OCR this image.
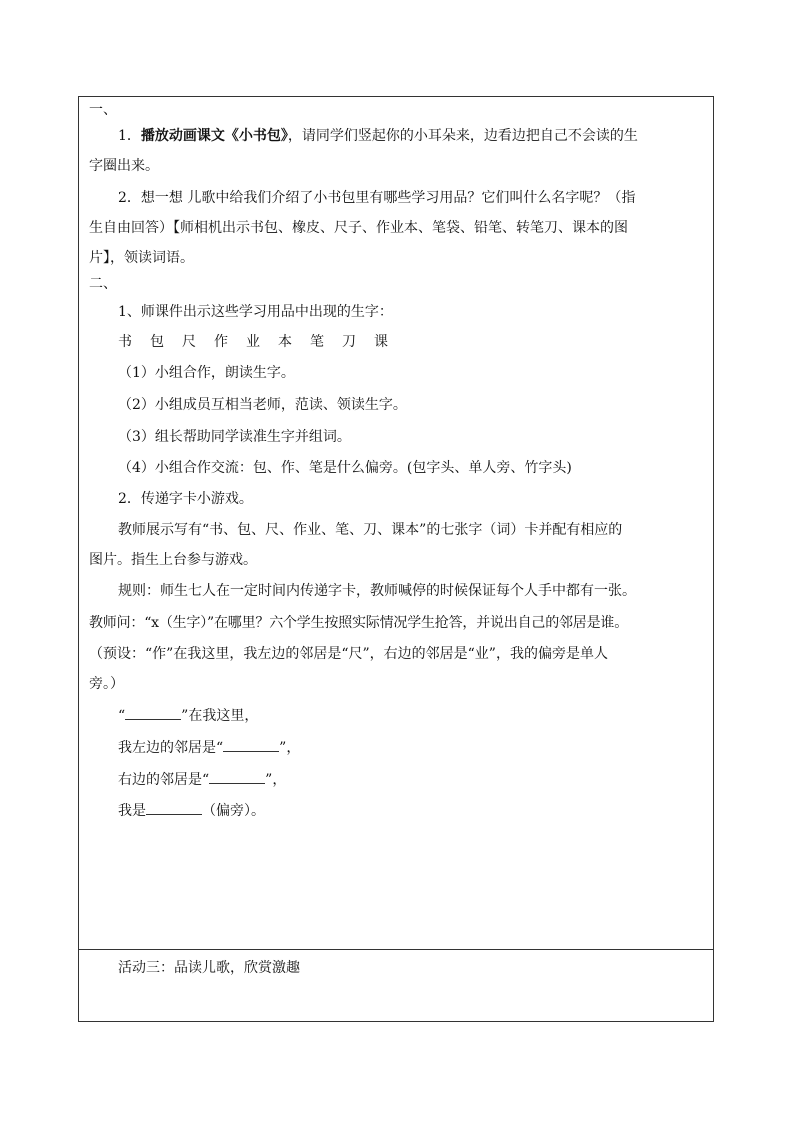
一、
1．播放动画课文《小书包》，请同学们竖起你的小耳朵来，边看边把自己不会读的生
字圈出来。
2．想一想 儿歌中给我们介绍了小书包里有哪些学习用品？它们叫什么名字呢？（指
生自由回答）【师相机出示书包、橡皮、尺子、作业本、笔袋、铅笔、转笔刀、课本的图
片】，领读词语。
二、
1、师课件出示这些学习用品中出现的生字：
书 包 尺 作 业 本 笔 刀 课
（1）小组合作，朗读生字。
（2）小组成员互相当老师，范读、领读生字。
（3）组长帮助同学读准生字并组词。
（4）小组合作交流：包、作、笔是什么偏旁。(包字头、单人旁、竹字头)
2．传递字卡小游戏。
教师展示写有“书、包、尺、作业、笔、刀、课本”的七张字（词）卡并配有相应的
图片。指生上台参与游戏。
规则：师生七人在一定时间内传递字卡，教师喊停的时候保证每个人手中都有一张。
教师问：“x（生字）”在哪里？六个学生按照实际情况学生抢答，并说出自己的邻居是谁。
（预设：“作”在我这里，我左边的邻居是“尺”，右边的邻居是“业”，我的偏旁是单人
旁。）
“	”在我这里，
我左边的邻居是“	”，
右边的邻居是“	”，
我是	（偏旁）。
活动三：品读儿歌，欣赏激趣
